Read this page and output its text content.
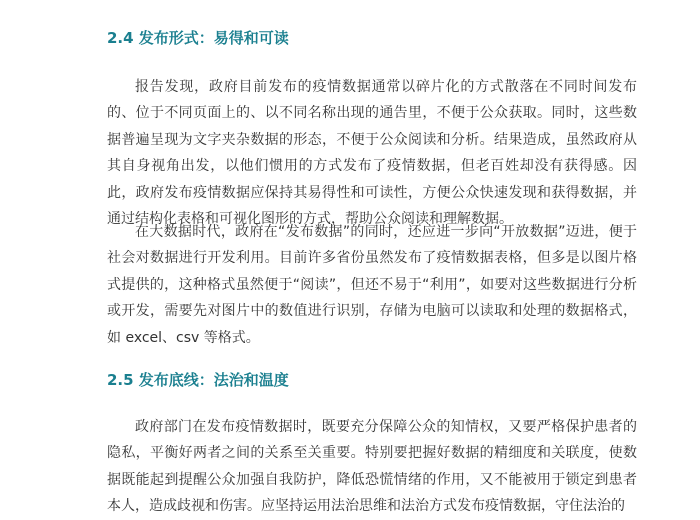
2.4 发布形式：易得和可读

报告发现，政府目前发布的疫情数据通常以碎片化的方式散落在不同时间发布的、位于不同页面上的、以不同名称出现的通告里，不便于公众获取。同时，这些数据普遍呈现为文字夹杂数据的形态，不便于公众阅读和分析。结果造成，虽然政府从其自身视角出发，以他们惯用的方式发布了疫情数据，但老百姓却没有获得感。因此，政府发布疫情数据应保持其易得性和可读性，方便公众快速发现和获得数据，并通过结构化表格和可视化图形的方式，帮助公众阅读和理解数据。

在大数据时代，政府在“发布数据”的同时，还应进一步向“开放数据”迈进，便于社会对数据进行开发利用。目前许多省份虽然发布了疫情数据表格，但多是以图片格式提供的，这种格式虽然便于“阅读”，但还不易于“利用”，如要对这些数据进行分析或开发，需要先对图片中的数值进行识别，存储为电脑可以读取和处理的数据格式，如 excel、csv 等格式。

2.5 发布底线：法治和温度

政府部门在发布疫情数据时，既要充分保障公众的知情权，又要严格保护患者的隐私，平衡好两者之间的关系至关重要。特别要把握好数据的精细度和关联度，使数据既能起到提醒公众加强自我防护，降低恐慌情绪的作用，又不能被用于锁定到患者本人，造成歧视和伤害。应坚持运用法治思维和法治方式发布疫情数据，守住法治的
